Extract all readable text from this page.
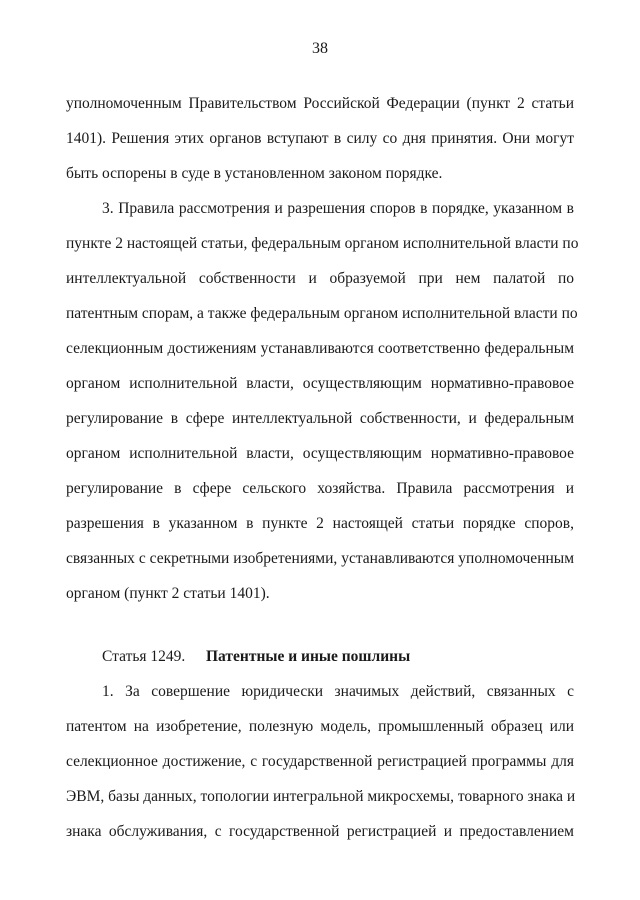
38
уполномоченным Правительством Российской Федерации (пункт 2 статьи
1401). Решения этих органов вступают в силу со дня принятия. Они могут
быть оспорены в суде в установленном законом порядке.
3. Правила рассмотрения и разрешения споров в порядке, указанном в
пункте 2 настоящей статьи, федеральным органом исполнительной власти по
интеллектуальной собственности и образуемой при нем палатой по
патентным спорам, а также федеральным органом исполнительной власти по
селекционным достижениям устанавливаются соответственно федеральным
органом исполнительной власти, осуществляющим нормативно-правовое
регулирование в сфере интеллектуальной собственности, и федеральным
органом исполнительной власти, осуществляющим нормативно-правовое
регулирование в сфере сельского хозяйства. Правила рассмотрения и
разрешения в указанном в пункте 2 настоящей статьи порядке споров,
связанных с секретными изобретениями, устанавливаются уполномоченным
органом (пункт 2 статьи 1401).
Статья 1249. Патентные и иные пошлины
1. За совершение юридически значимых действий, связанных с
патентом на изобретение, полезную модель, промышленный образец или
селекционное достижение, с государственной регистрацией программы для
ЭВМ, базы данных, топологии интегральной микросхемы, товарного знака и
знака обслуживания, с государственной регистрацией и предоставлением
